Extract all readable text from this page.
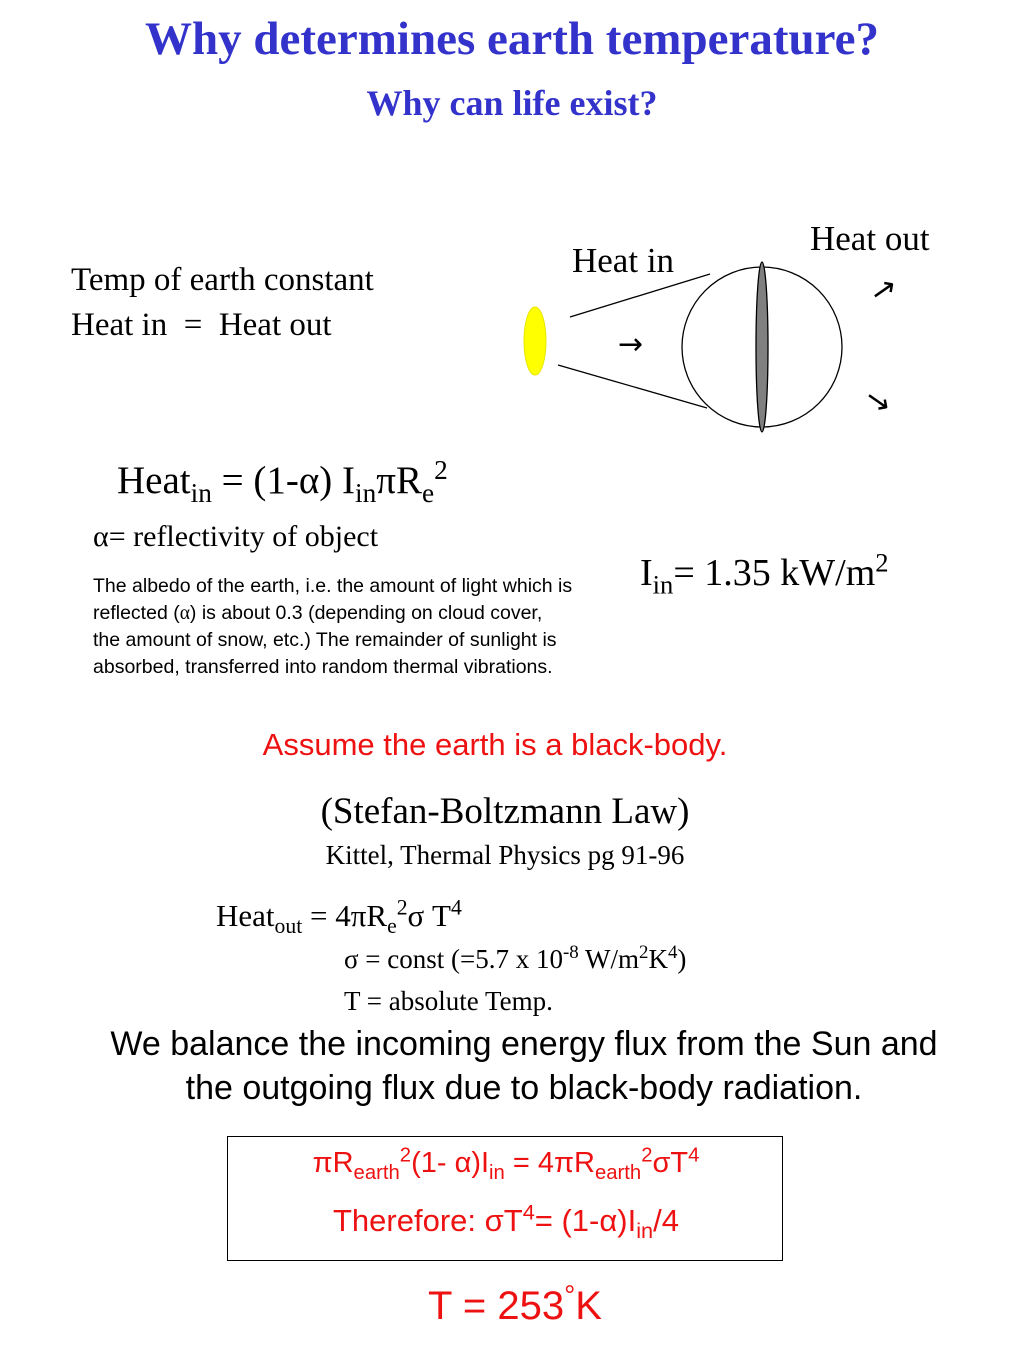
Why determines earth temperature?
Why can life exist?
Temp of earth constant
Heat in  =  Heat out
→
→
→
Heat in
Heat out
Heat$_{in}$ = (1-α) $I_{in}\pi R_e^2$
α= reflectivity of object
The albedo of the earth, i.e. the amount of light which is reflected (α) is about 0.3 (depending on cloud cover, the amount of snow, etc.) The remainder of sunlight is absorbed, transferred into random thermal vibrations.
$I_{in}= 1.35$ $kW/m^2$
Assume the earth is a black-body.
(Stefan-Boltzmann Law)
Kittel, Thermal Physics pg 91-96
Heat$_{out}$ = $4\pi R_e^2\sigma$ $T^4$
σ = const (=5.7 x $10^{-8}$ $W/m^2K^4$)
T = absolute Temp.
We balance the incoming energy flux from the Sun and
the outgoing flux due to black-body radiation.
$\pi R_{earth}^2(1-$ $\alpha)I_{in} = 4\pi R_{earth}^2\sigma T^4$
Therefore: $\sigma T^4= (1-\alpha)I_{in}/4$
T = 253°K
